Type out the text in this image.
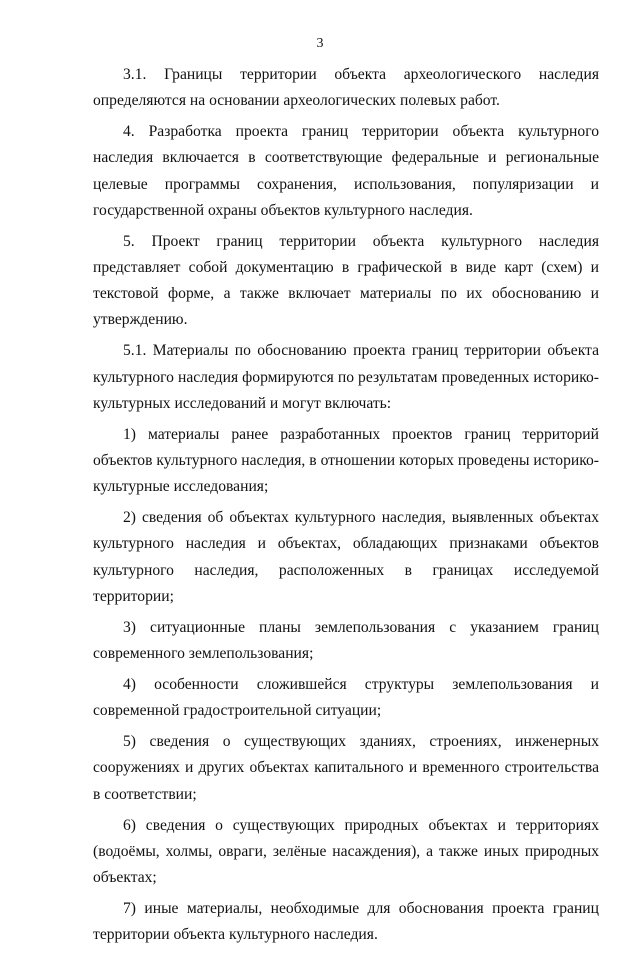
3

3.1. Границы территории объекта археологического наследия определяются на основании археологических полевых работ.

4. Разработка проекта границ территории объекта культурного наследия включается в соответствующие федеральные и региональные целевые программы сохранения, использования, популяризации и государственной охраны объектов культурного наследия.

5. Проект границ территории объекта культурного наследия представляет собой документацию в графической в виде карт (схем) и текстовой форме, а также включает материалы по их обоснованию и утверждению.

5.1. Материалы по обоснованию проекта границ территории объекта культурного наследия формируются по результатам проведенных историко-культурных исследований и могут включать:

1) материалы ранее разработанных проектов границ территорий объектов культурного наследия, в отношении которых проведены историко-культурные исследования;

2) сведения об объектах культурного наследия, выявленных объектах культурного наследия и объектах, обладающих признаками объектов культурного наследия, расположенных в границах исследуемой территории;

3) ситуационные планы землепользования с указанием границ современного землепользования;

4) особенности сложившейся структуры землепользования и современной градостроительной ситуации;

5) сведения о существующих зданиях, строениях, инженерных сооружениях и других объектах капитального и временного строительства в соответствии;

6) сведения о существующих природных объектах и территориях (водоёмы, холмы, овраги, зелёные насаждения), а также иных природных объектах;

7) иные материалы, необходимые для обоснования проекта границ территории объекта культурного наследия.
